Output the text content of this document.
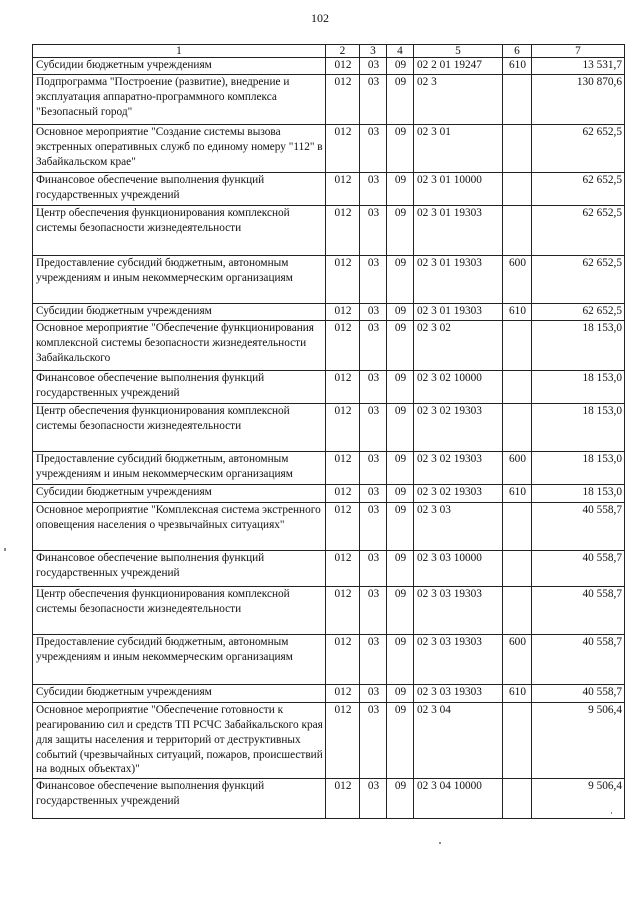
102
1	2	3	4	5	6	7
Субсидии бюджетным учреждениям	012	03	09	02 2 01 19247	610	13 531,7
Подпрограмма "Построение (развитие), внедрение и эксплуатация аппаратно-программного комплекса "Безопасный город"	012	03	09	02 3		130 870,6
Основное мероприятие "Создание системы вызова экстренных оперативных служб по единому номеру "112" в Забайкальском крае"	012	03	09	02 3 01		62 652,5
Финансовое обеспечение выполнения функций государственных учреждений	012	03	09	02 3 01 10000		62 652,5
Центр обеспечения функционирования комплексной системы безопасности жизнедеятельности	012	03	09	02 3 01 19303		62 652,5
Предоставление субсидий бюджетным, автономным учреждениям и иным некоммерческим организациям	012	03	09	02 3 01 19303	600	62 652,5
Субсидии бюджетным учреждениям	012	03	09	02 3 01 19303	610	62 652,5
Основное мероприятие "Обеспечение функционирования комплексной системы безопасности жизнедеятельности Забайкальского	012	03	09	02 3 02		18 153,0
Финансовое обеспечение выполнения функций государственных учреждений	012	03	09	02 3 02 10000		18 153,0
Центр обеспечения функционирования комплексной системы безопасности жизнедеятельности	012	03	09	02 3 02 19303		18 153,0
Предоставление субсидий бюджетным, автономным учреждениям и иным некоммерческим организациям	012	03	09	02 3 02 19303	600	18 153,0
Субсидии бюджетным учреждениям	012	03	09	02 3 02 19303	610	18 153,0
Основное мероприятие "Комплексная система экстренного оповещения населения о чрезвычайных ситуациях"	012	03	09	02 3 03		40 558,7
Финансовое обеспечение выполнения функций государственных учреждений	012	03	09	02 3 03 10000		40 558,7
Центр обеспечения функционирования комплексной системы безопасности жизнедеятельности	012	03	09	02 3 03 19303		40 558,7
Предоставление субсидий бюджетным, автономным учреждениям и иным некоммерческим организациям	012	03	09	02 3 03 19303	600	40 558,7
Субсидии бюджетным учреждениям	012	03	09	02 3 03 19303	610	40 558,7
Основное мероприятие "Обеспечение готовности к реагированию сил и средств ТП РСЧС Забайкальского края для защиты населения и территорий от деструктивных событий (чрезвычайных ситуаций, пожаров, происшествий на водных объектах)"	012	03	09	02 3 04		9 506,4
Финансовое обеспечение выполнения функций государственных учреждений	012	03	09	02 3 04 10000		9 506,4
